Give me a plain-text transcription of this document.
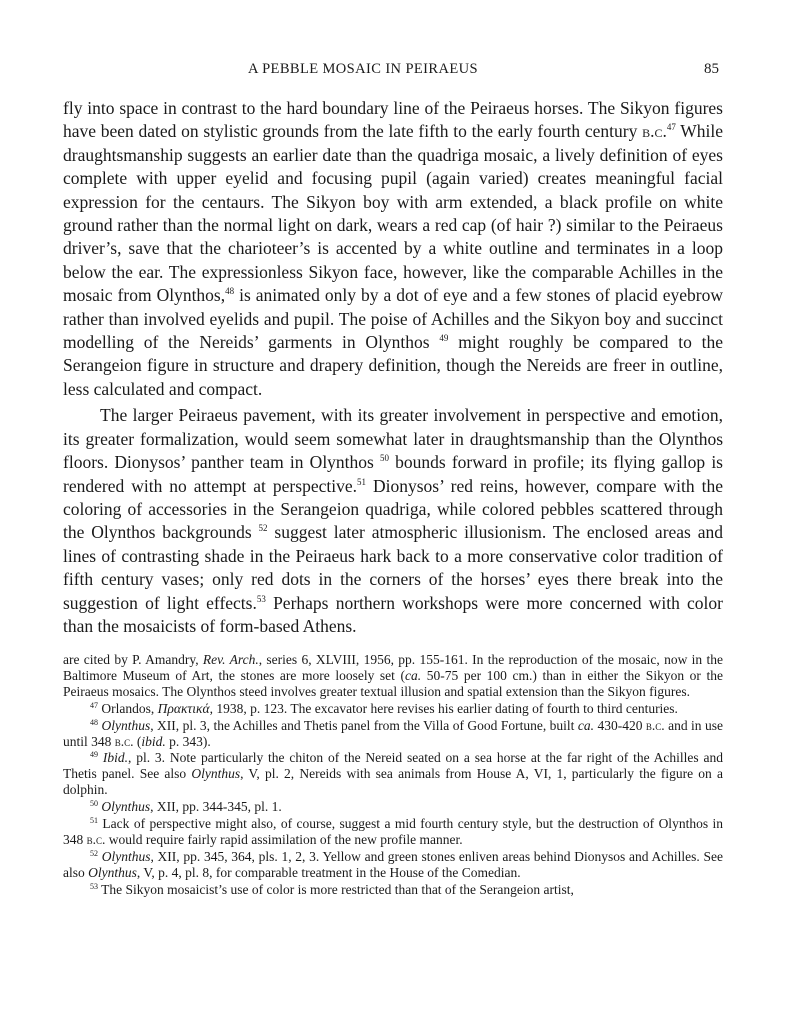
A PEBBLE MOSAIC IN PEIRAEUS	85

fly into space in contrast to the hard boundary line of the Peiraeus horses. The Sikyon figures have been dated on stylistic grounds from the late fifth to the early fourth century b.c.$^{47}$ While draughtsmanship suggests an earlier date than the quadriga mosaic, a lively definition of eyes complete with upper eyelid and focusing pupil (again varied) creates meaningful facial expression for the centaurs. The Sikyon boy with arm extended, a black profile on white ground rather than the normal light on dark, wears a red cap (of hair ?) similar to the Peiraeus driver’s, save that the charioteer’s is accented by a white outline and terminates in a loop below the ear. The expressionless Sikyon face, however, like the comparable Achilles in the mosaic from Olynthos,$^{48}$ is animated only by a dot of eye and a few stones of placid eyebrow rather than involved eyelids and pupil. The poise of Achilles and the Sikyon boy and succinct modelling of the Nereids’ garments in Olynthos $^{49}$ might roughly be compared to the Serangeion figure in structure and drapery definition, though the Nereids are freer in outline, less calculated and compact.

The larger Peiraeus pavement, with its greater involvement in perspective and emotion, its greater formalization, would seem somewhat later in draughtsmanship than the Olynthos floors. Dionysos’ panther team in Olynthos $^{50}$ bounds forward in profile; its flying gallop is rendered with no attempt at perspective.$^{51}$ Dionysos’ red reins, however, compare with the coloring of accessories in the Serangeion quadriga, while colored pebbles scattered through the Olynthos backgrounds $^{52}$ suggest later atmospheric illusionism. The enclosed areas and lines of contrasting shade in the Peiraeus hark back to a more conservative color tradition of fifth century vases; only red dots in the corners of the horses’ eyes there break into the suggestion of light effects.$^{53}$ Perhaps northern workshops were more concerned with color than the mosaicists of form-based Athens.

are cited by P. Amandry, Rev. Arch., series 6, XLVIII, 1956, pp. 155-161. In the reproduction of the mosaic, now in the Baltimore Museum of Art, the stones are more loosely set (ca. 50-75 per 100 cm.) than in either the Sikyon or the Peiraeus mosaics. The Olynthos steed involves greater textual illusion and spatial extension than the Sikyon figures.

$^{47}$ Orlandos, Πρακτικά, 1938, p. 123. The excavator here revises his earlier dating of fourth to third centuries.

$^{48}$ Olynthus, XII, pl. 3, the Achilles and Thetis panel from the Villa of Good Fortune, built ca. 430-420 b.c. and in use until 348 b.c. (ibid. p. 343).

$^{49}$ Ibid., pl. 3. Note particularly the chiton of the Nereid seated on a sea horse at the far right of the Achilles and Thetis panel. See also Olynthus, V, pl. 2, Nereids with sea animals from House A, VI, 1, particularly the figure on a dolphin.

$^{50}$ Olynthus, XII, pp. 344-345, pl. 1.

$^{51}$ Lack of perspective might also, of course, suggest a mid fourth century style, but the destruction of Olynthos in 348 b.c. would require fairly rapid assimilation of the new profile manner.

$^{52}$ Olynthus, XII, pp. 345, 364, pls. 1, 2, 3. Yellow and green stones enliven areas behind Dionysos and Achilles. See also Olynthus, V, p. 4, pl. 8, for comparable treatment in the House of the Comedian.

$^{53}$ The Sikyon mosaicist’s use of color is more restricted than that of the Serangeion artist,
